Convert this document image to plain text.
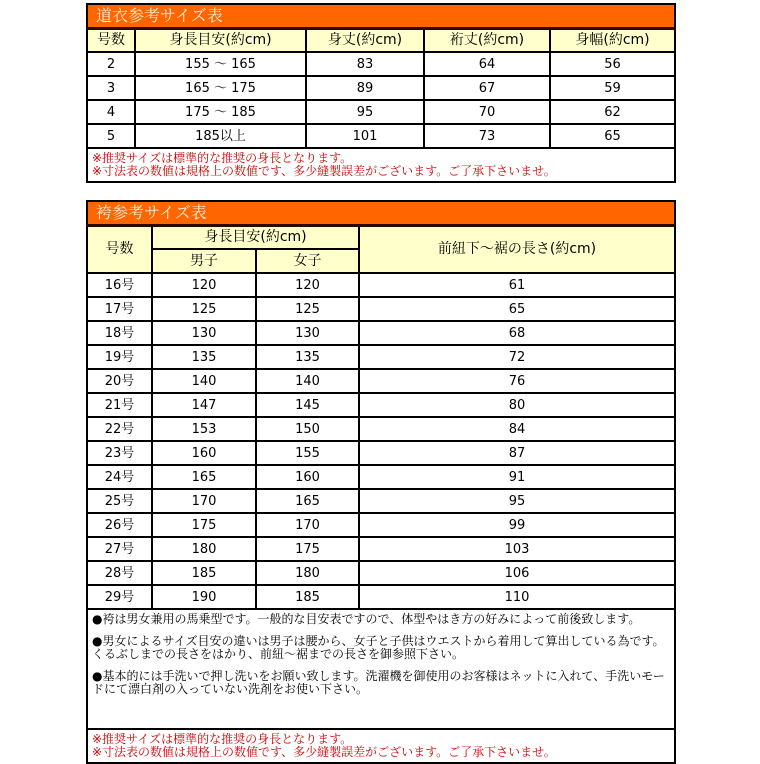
道衣参考サイズ表				
号数	身長目安(約cm)	身丈(約cm)	裄丈(約cm)	身幅(約cm)
2	155 ～ 165	83	64	56
3	165 ～ 175	89	67	59
4	175 ～ 185	95	70	62
5	185以上	101	73	65

※推奨サイズは標準的な推奨の身長となります。
※寸法表の数値は規格上の数値です、多少縫製誤差がございます。ご了承下さいませ。				
袴参考サイズ表			
号数	身長目安(約cm)		前紐下～裾の長さ(約cm)
	男子	女子	
16号	120	120	61
17号	125	125	65
18号	130	130	68
19号	135	135	72
20号	140	140	76
21号	147	145	80
22号	153	150	84
23号	160	155	87
24号	165	160	91
25号	170	165	95
26号	175	170	99
27号	180	175	103
28号	185	180	106
29号	190	185	110

●袴は男女兼用の馬乗型です。一般的な目安表ですので、体型やはき方の好みによって前後致します。

●男女によるサイズ目安の違いは男子は腰から、女子と子供はウエストから着用して算出している為です。くるぶしまでの長さをはかり、前紐～裾までの長さを御参照下さい。

●基本的には手洗いで押し洗いをお願い致します。洗濯機を御使用のお客様はネットに入れて、手洗いモードにて漂白剤の入っていない洗剤をお使い下さい。			

※推奨サイズは標準的な推奨の身長となります。
※寸法表の数値は規格上の数値です、多少縫製誤差がございます。ご了承下さいませ。			
